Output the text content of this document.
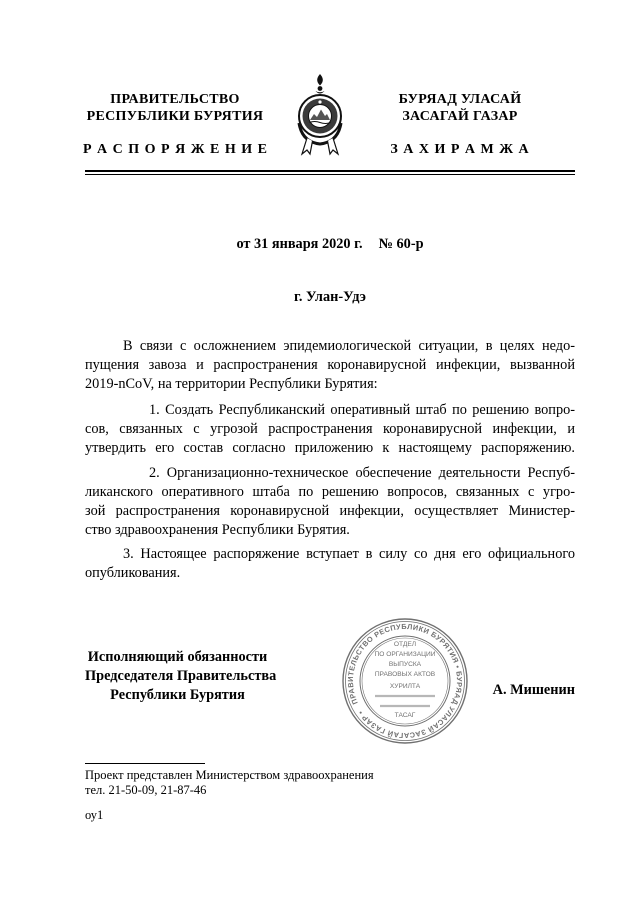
ПРАВИТЕЛЬСТВО
РЕСПУБЛИКИ БУРЯТИЯ
Р А С П О Р Я Ж Е Н И Е
БУРЯАД УЛАСАЙ
ЗАСАГАЙ ГАЗАР
З А Х И Р А М Ж А
от 31 января 2020 г. № 60-р
г. Улан-Удэ
В связи с осложнением эпидемиологической ситуации, в целях недо-
пущения завоза и распространения коронавирусной инфекции, вызванной
2019-nCoV, на территории Республики Бурятия:
1. Создать Республиканский оперативный штаб по решению вопро-
сов, связанных с угрозой распространения коронавирусной инфекции, и
утвердить его состав согласно приложению к настоящему распоряжению.
2. Организационно-техническое обеспечение деятельности Респуб-
ликанского оперативного штаба по решению вопросов, связанных с угро-
зой распространения коронавирусной инфекции, осуществляет Министер-
ство здравоохранения Республики Бурятия.
3. Настоящее распоряжение вступает в силу со дня его официального
опубликования.
Исполняющий обязанности
Председателя Правительства
Республики Бурятия	ПРАВИТЕЛЬСТВО РЕСПУБЛИКИ БУРЯТИЯ • БУРЯАД УЛАСАЙ ЗАСАГАЙ ГАЗАР •
ОТДЕЛ
ПО ОРГАНИЗАЦИИ
ВЫПУСКА
ПРАВОВЫХ АКТОВ
ХУРИЛТА
ТАСАГ
А. Мишенин
Проект представлен Министерством здравоохранения
тел. 21-50-09, 21-87-46
оу1
